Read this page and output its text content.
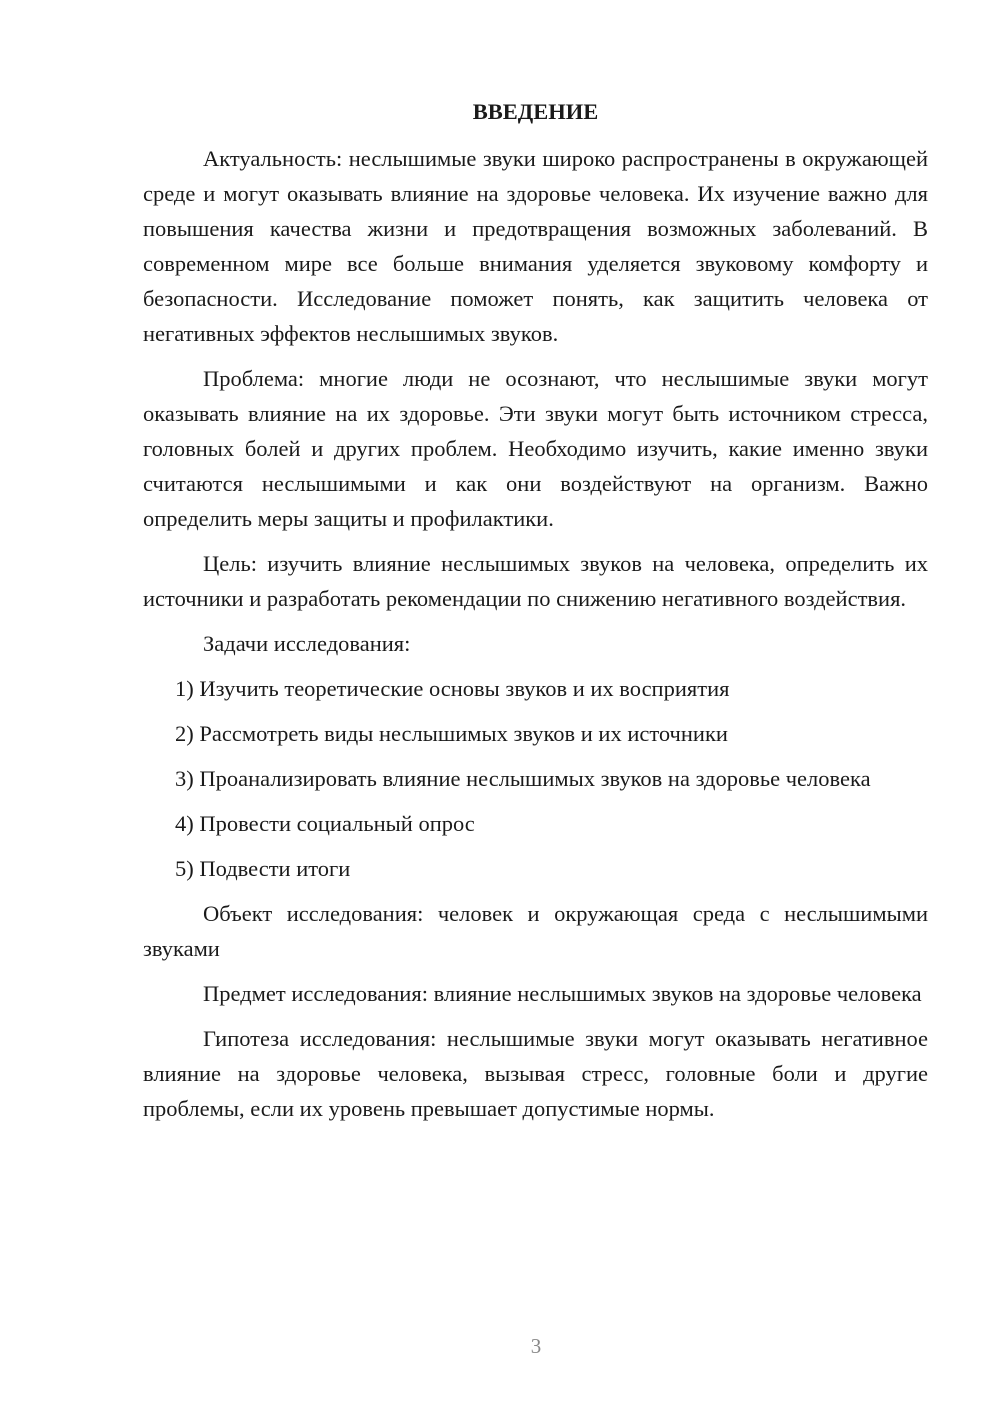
ВВЕДЕНИЕ

Актуальность: неслышимые звуки широко распространены в окружающей среде и могут оказывать влияние на здоровье человека. Их изучение важно для повышения качества жизни и предотвращения возможных заболеваний. В современном мире все больше внимания уделяется звуковому комфорту и безопасности. Исследование поможет понять, как защитить человека от негативных эффектов неслышимых звуков.

Проблема: многие люди не осознают, что неслышимые звуки могут оказывать влияние на их здоровье. Эти звуки могут быть источником стресса, головных болей и других проблем. Необходимо изучить, какие именно звуки считаются неслышимыми и как они воздействуют на организм. Важно определить меры защиты и профилактики.

Цель: изучить влияние неслышимых звуков на человека, определить их источники и разработать рекомендации по снижению негативного воздействия.

Задачи исследования:

1) Изучить теоретические основы звуков и их восприятия

2) Рассмотреть виды неслышимых звуков и их источники

3) Проанализировать влияние неслышимых звуков на здоровье человека

4) Провести социальный опрос

5) Подвести итоги

Объект исследования: человек и окружающая среда с неслышимыми звуками

Предмет исследования: влияние неслышимых звуков на здоровье человека

Гипотеза исследования: неслышимые звуки могут оказывать негативное влияние на здоровье человека, вызывая стресс, головные боли и другие проблемы, если их уровень превышает допустимые нормы.

3
